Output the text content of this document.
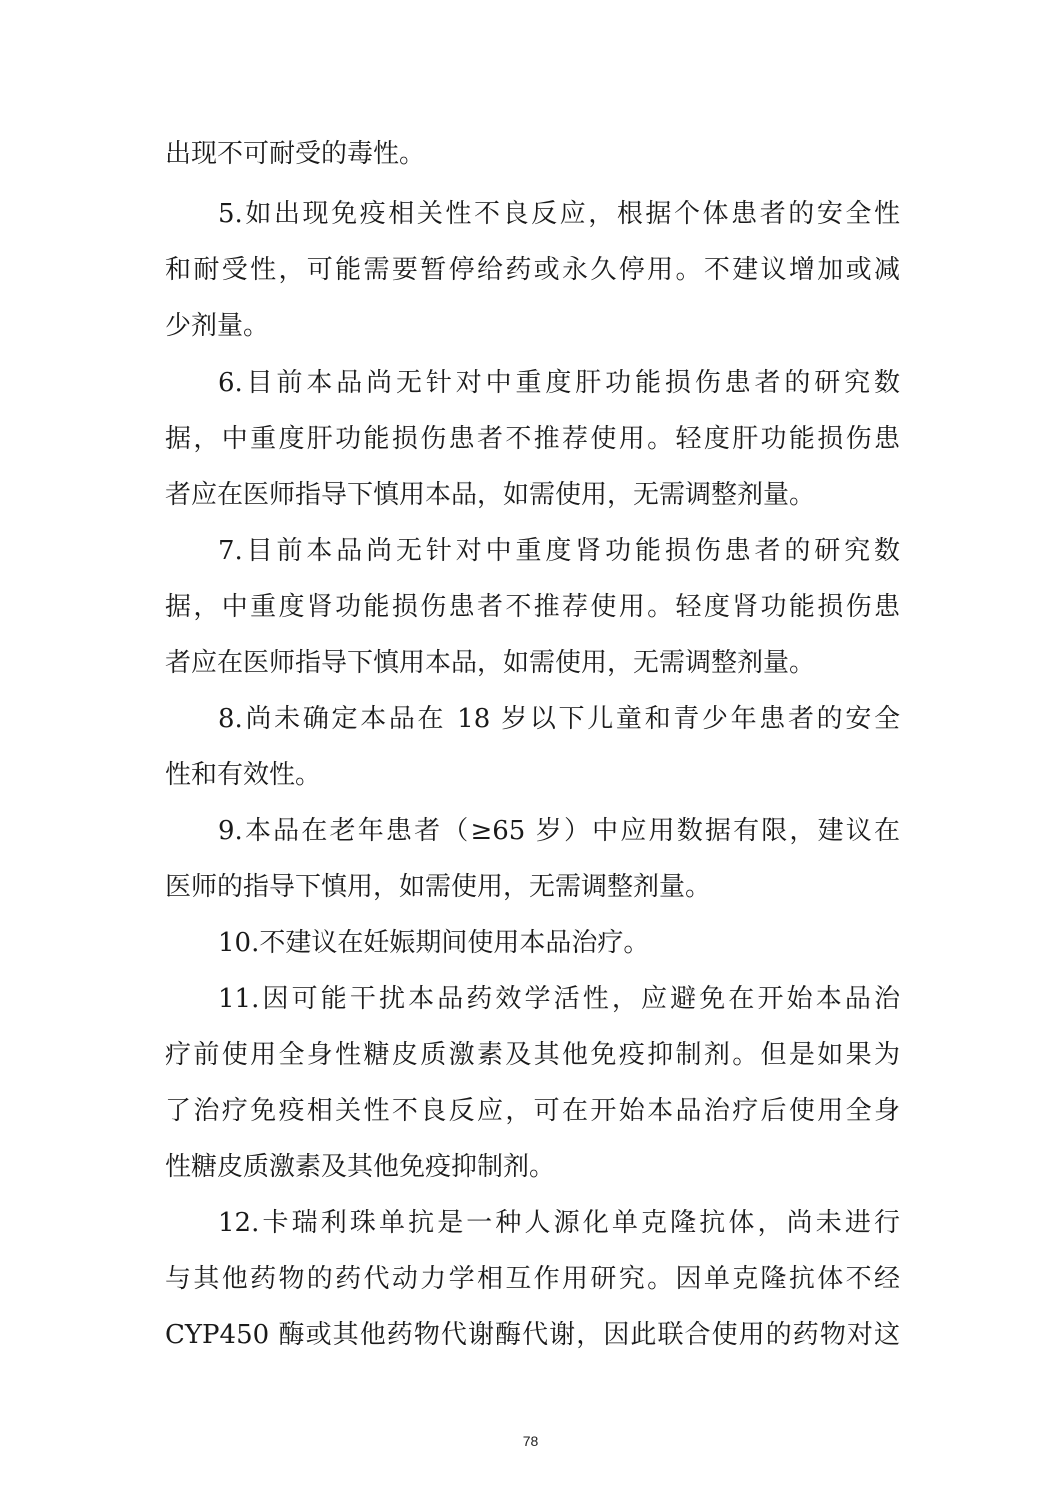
出现不可耐受的毒性。
5.如出现免疫相关性不良反应，根据个体患者的安全性
和耐受性，可能需要暂停给药或永久停用。不建议增加或减
少剂量。
6.目前本品尚无针对中重度肝功能损伤患者的研究数
据，中重度肝功能损伤患者不推荐使用。轻度肝功能损伤患
者应在医师指导下慎用本品，如需使用，无需调整剂量。
7.目前本品尚无针对中重度肾功能损伤患者的研究数
据，中重度肾功能损伤患者不推荐使用。轻度肾功能损伤患
者应在医师指导下慎用本品，如需使用，无需调整剂量。
8.尚未确定本品在 18 岁以下儿童和青少年患者的安全
性和有效性。
9.本品在老年患者（≥65 岁）中应用数据有限，建议在
医师的指导下慎用，如需使用，无需调整剂量。
10.不建议在妊娠期间使用本品治疗。
11.因可能干扰本品药效学活性，应避免在开始本品治
疗前使用全身性糖皮质激素及其他免疫抑制剂。但是如果为
了治疗免疫相关性不良反应，可在开始本品治疗后使用全身
性糖皮质激素及其他免疫抑制剂。
12.卡瑞利珠单抗是一种人源化单克隆抗体，尚未进行
与其他药物的药代动力学相互作用研究。因单克隆抗体不经
CYP450 酶或其他药物代谢酶代谢，因此联合使用的药物对这
78
